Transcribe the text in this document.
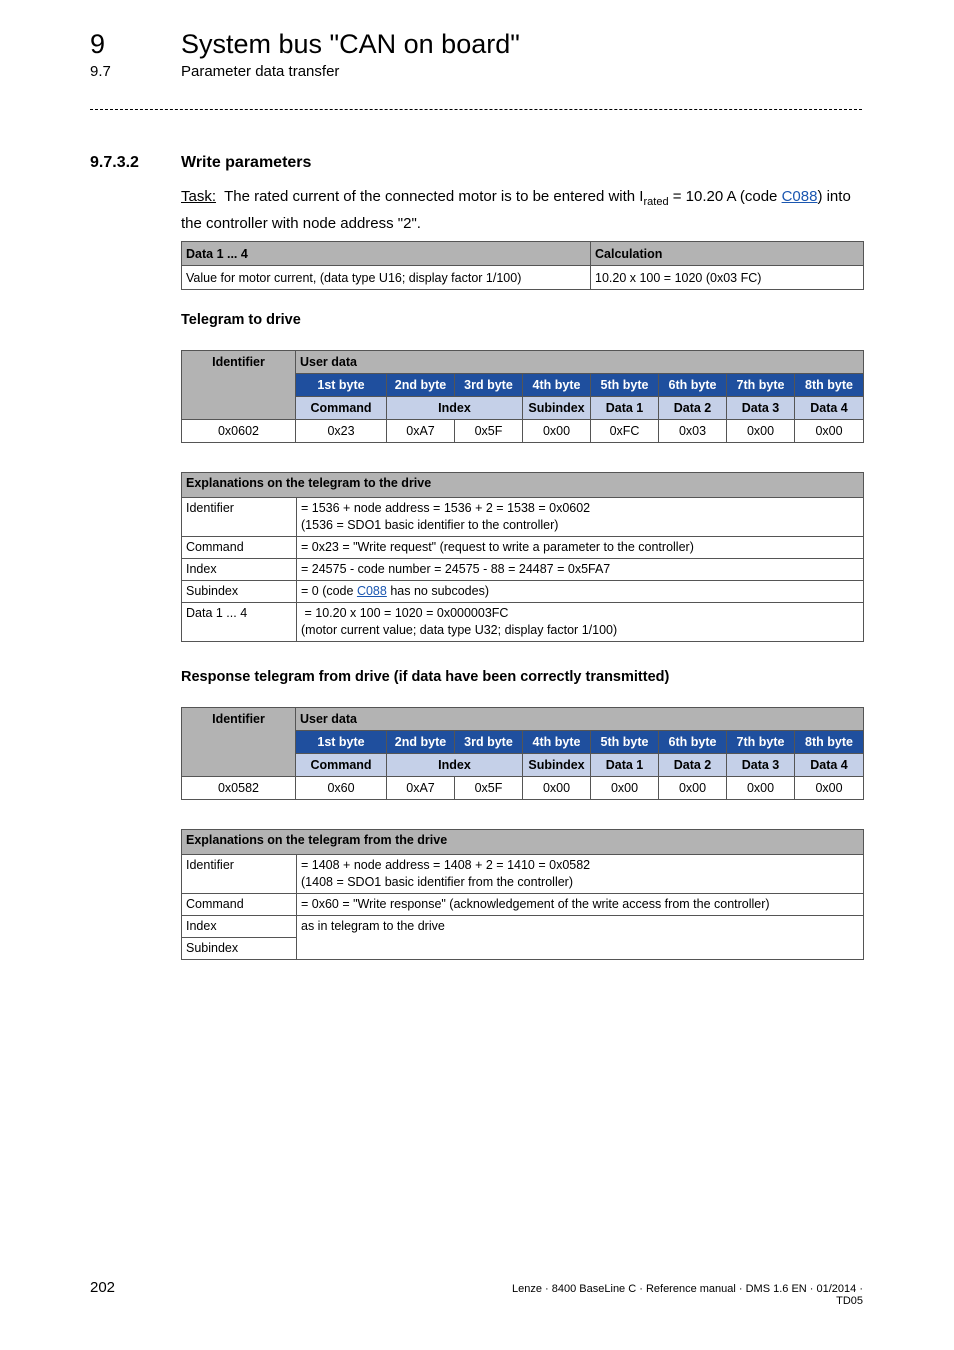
9	System bus "CAN on board"
9.7	Parameter data transfer
9.7.3.2	Write parameters
Task:  The rated current of the connected motor is to be entered with $I_{rated} = 10.20$ A (code C088) into the controller with node address "2".
Data 1 ... 4	Calculation
Value for motor current, (data type U16; display factor 1/100)	10.20 x 100 = 1020 (0x03 FC)
Telegram to drive
Identifier	User data							
	1st byte	2nd byte	3rd byte	4th byte	5th byte	6th byte	7th byte	8th byte
	Command	Index		Subindex	Data 1	Data 2	Data 3	Data 4
0x0602	0x23	0xA7	0x5F	0x00	0xFC	0x03	0x00	0x00
Explanations on the telegram to the drive	
Identifier	= 1536 + node address = 1536 + 2 = 1538 = 0x0602
(1536 = SDO1 basic identifier to the controller)

Command	= 0x23 = "Write request" (request to write a parameter to the controller)
Index	= 24575 - code number = 24575 - 88 = 24487 = 0x5FA7
Subindex	= 0 (code C088 has no subcodes)
Data 1 ... 4	= 10.20 x 100 = 1020 = 0x000003FC
(motor current value; data type U32; display factor 1/100)
Response telegram from drive (if data have been correctly transmitted)
Identifier	User data							
	1st byte	2nd byte	3rd byte	4th byte	5th byte	6th byte	7th byte	8th byte
	Command	Index		Subindex	Data 1	Data 2	Data 3	Data 4
0x0582	0x60	0xA7	0x5F	0x00	0x00	0x00	0x00	0x00
Explanations on the telegram from the drive	
Identifier	= 1408 + node address = 1408 + 2 = 1410 = 0x0582
(1408 = SDO1 basic identifier from the controller)

Command	= 0x60 = "Write response" (acknowledgement of the write access from the controller)
Index	as in telegram to the drive
Subindex	
202	Lenze · 8400 BaseLine C · Reference manual · DMS 1.6 EN · 01/2014 · TD05
